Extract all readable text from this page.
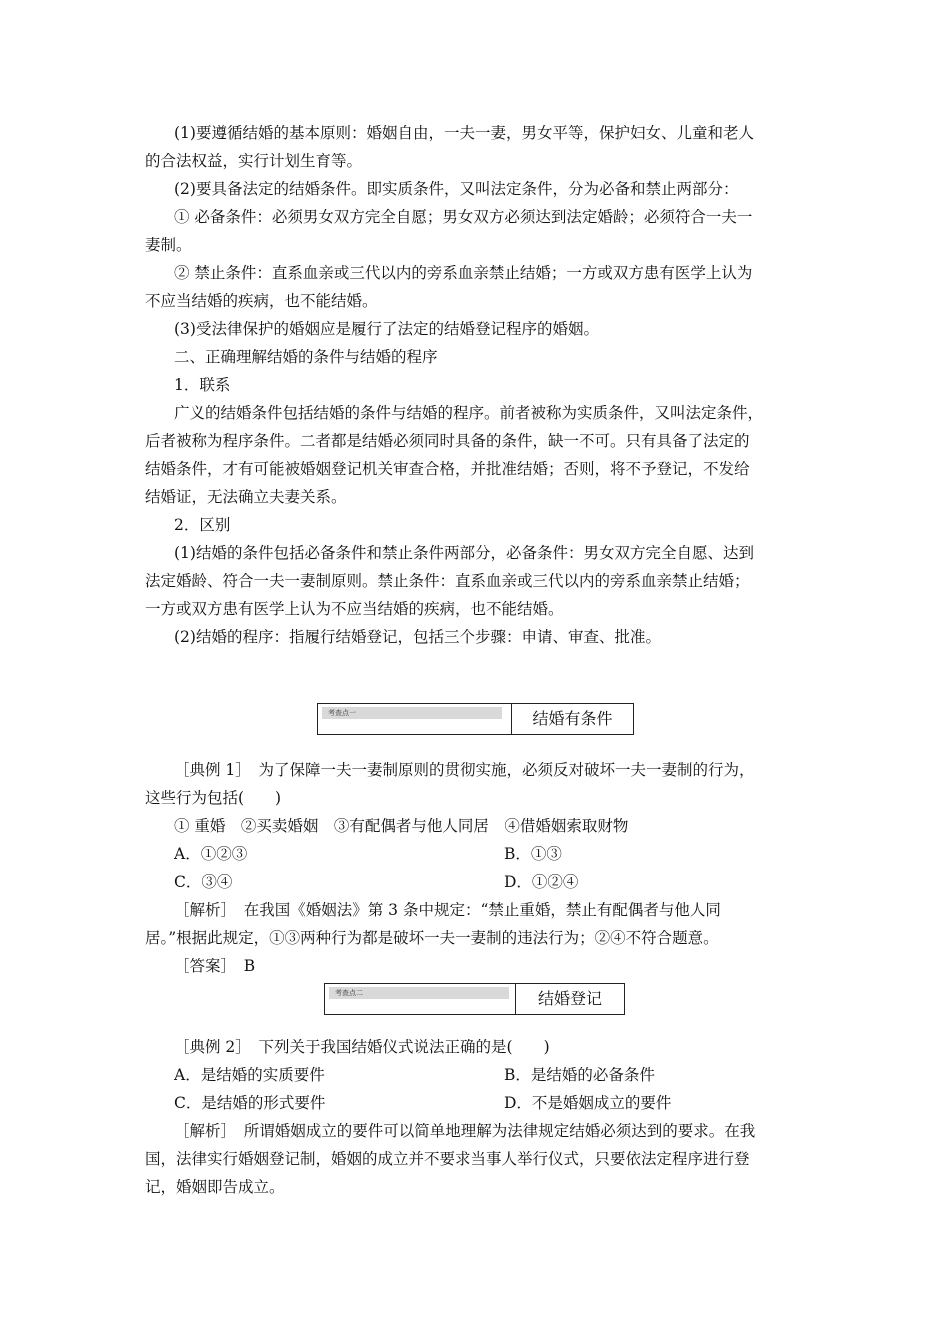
(1)要遵循结婚的基本原则：婚姻自由，一夫一妻，男女平等，保护妇女、儿童和老人
的合法权益，实行计划生育等。
(2)要具备法定的结婚条件。即实质条件，又叫法定条件，分为必备和禁止两部分：
① 必备条件：必须男女双方完全自愿；男女双方必须达到法定婚龄；必须符合一夫一
妻制。
② 禁止条件：直系血亲或三代以内的旁系血亲禁止结婚；一方或双方患有医学上认为
不应当结婚的疾病，也不能结婚。
(3)受法律保护的婚姻应是履行了法定的结婚登记程序的婚姻。
二、正确理解结婚的条件与结婚的程序
1．联系
广义的结婚条件包括结婚的条件与结婚的程序。前者被称为实质条件，又叫法定条件，
后者被称为程序条件。二者都是结婚必须同时具备的条件，缺一不可。只有具备了法定的
结婚条件，才有可能被婚姻登记机关审查合格，并批准结婚；否则，将不予登记，不发给
结婚证，无法确立夫妻关系。
2．区别
(1)结婚的条件包括必备条件和禁止条件两部分，必备条件：男女双方完全自愿、达到
法定婚龄、符合一夫一妻制原则。禁止条件：直系血亲或三代以内的旁系血亲禁止结婚；
一方或双方患有医学上认为不应当结婚的疾病，也不能结婚。
(2)结婚的程序：指履行结婚登记，包括三个步骤：申请、审查、批准。
考查点一	结婚有条件
［典例 1］　为了保障一夫一妻制原则的贯彻实施，必须反对破坏一夫一妻制的行为，
这些行为包括(　　)
① 重婚　②买卖婚姻　③有配偶者与他人同居　④借婚姻索取财物
A．①②③	B．①③
C．③④	D．①②④
［解析］　在我国《婚姻法》第 3 条中规定：“禁止重婚，禁止有配偶者与他人同
居。”根据此规定，①③两种行为都是破坏一夫一妻制的违法行为；②④不符合题意。
［答案］　B
考查点二	结婚登记
［典例 2］　下列关于我国结婚仪式说法正确的是(　　)
A．是结婚的实质要件	B．是结婚的必备条件
C．是结婚的形式要件	D．不是婚姻成立的要件
［解析］　所谓婚姻成立的要件可以简单地理解为法律规定结婚必须达到的要求。在我
国，法律实行婚姻登记制，婚姻的成立并不要求当事人举行仪式，只要依法定程序进行登
记，婚姻即告成立。
